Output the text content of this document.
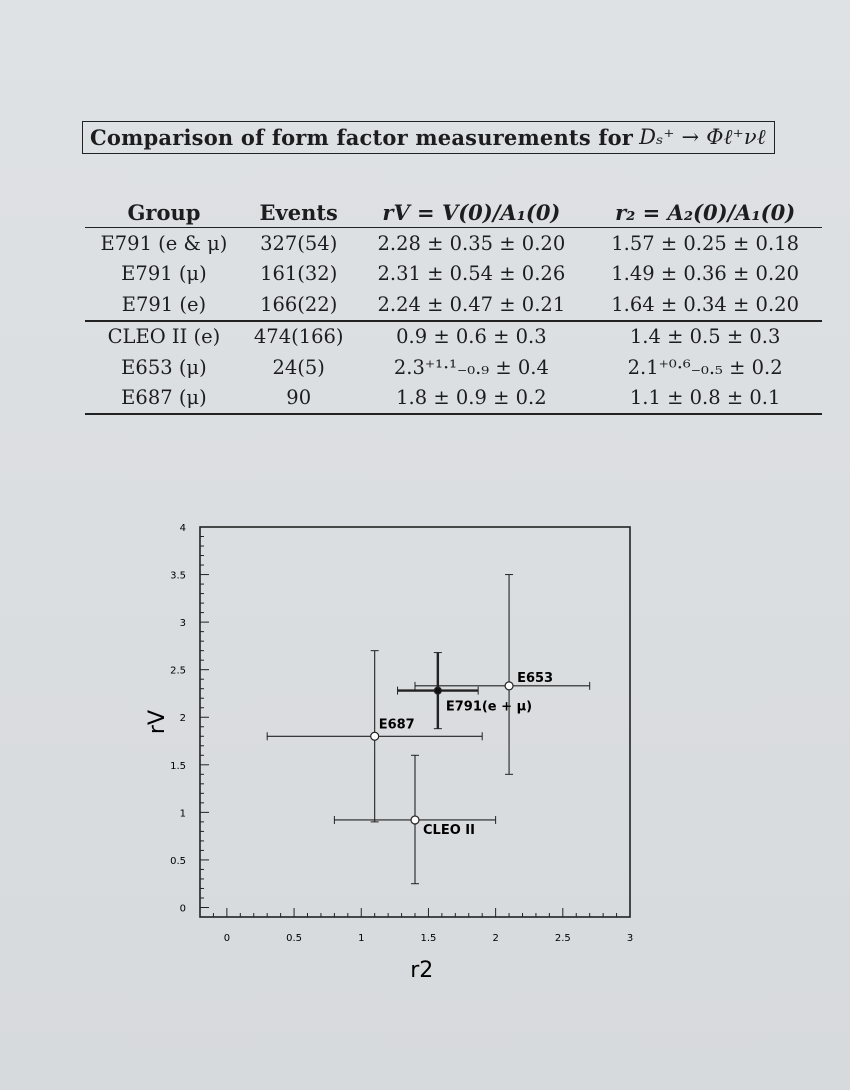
Comparison of form factor measurements for Dₛ⁺ → Φℓ⁺νℓ
Group	Events	rV = V(0)/A₁(0)	r₂ = A₂(0)/A₁(0)
E791 (e & μ)	327(54)	2.28 ± 0.35 ± 0.20	1.57 ± 0.25 ± 0.18
E791 (μ)	161(32)	2.31 ± 0.54 ± 0.26	1.49 ± 0.36 ± 0.20
E791 (e)	166(22)	2.24 ± 0.47 ± 0.21	1.64 ± 0.34 ± 0.20
CLEO II (e)	474(166)	0.9 ± 0.6 ± 0.3	1.4 ± 0.5 ± 0.3
E653 (μ)	24(5)	2.3⁺¹·¹₋₀.₉ ± 0.4	2.1⁺⁰·⁶₋₀.₅ ± 0.2
E687 (μ)	90	1.8 ± 0.9 ± 0.2	1.1 ± 0.8 ± 0.1
0
0.5
1
1.5
2
2.5
3
3.5
4
0	0.5	1	1.5	2	2.5	3
r2
rV
E791(e + μ)
E653
E687
CLEO II
